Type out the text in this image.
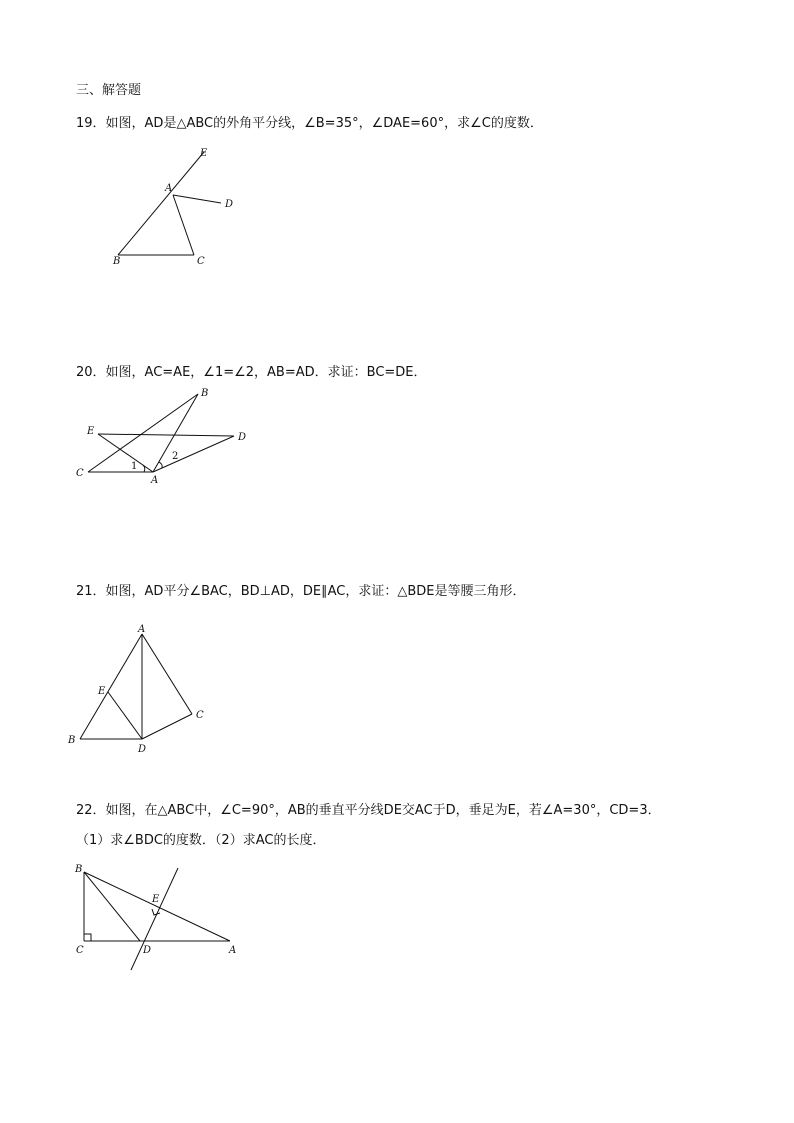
三、解答题
19．如图，AD是△ABC的外角平分线，∠B=35°，∠DAE=60°，求∠C的度数．
E
A
D
B	C
20．如图，AC=AE，∠1=∠2，AB=AD．求证：BC=DE．
B
E
D
C
A
1
2
21．如图，AD平分∠BAC，BD⊥AD，DE∥AC，求证：△BDE是等腰三角形．
A
E
C
B
D
22．如图，在△ABC中，∠C=90°，AB的垂直平分线DE交AC于D，垂足为E，若∠A=30°，CD=3．
（1）求∠BDC的度数．（2）求AC的长度．
B
E
C	D	A
